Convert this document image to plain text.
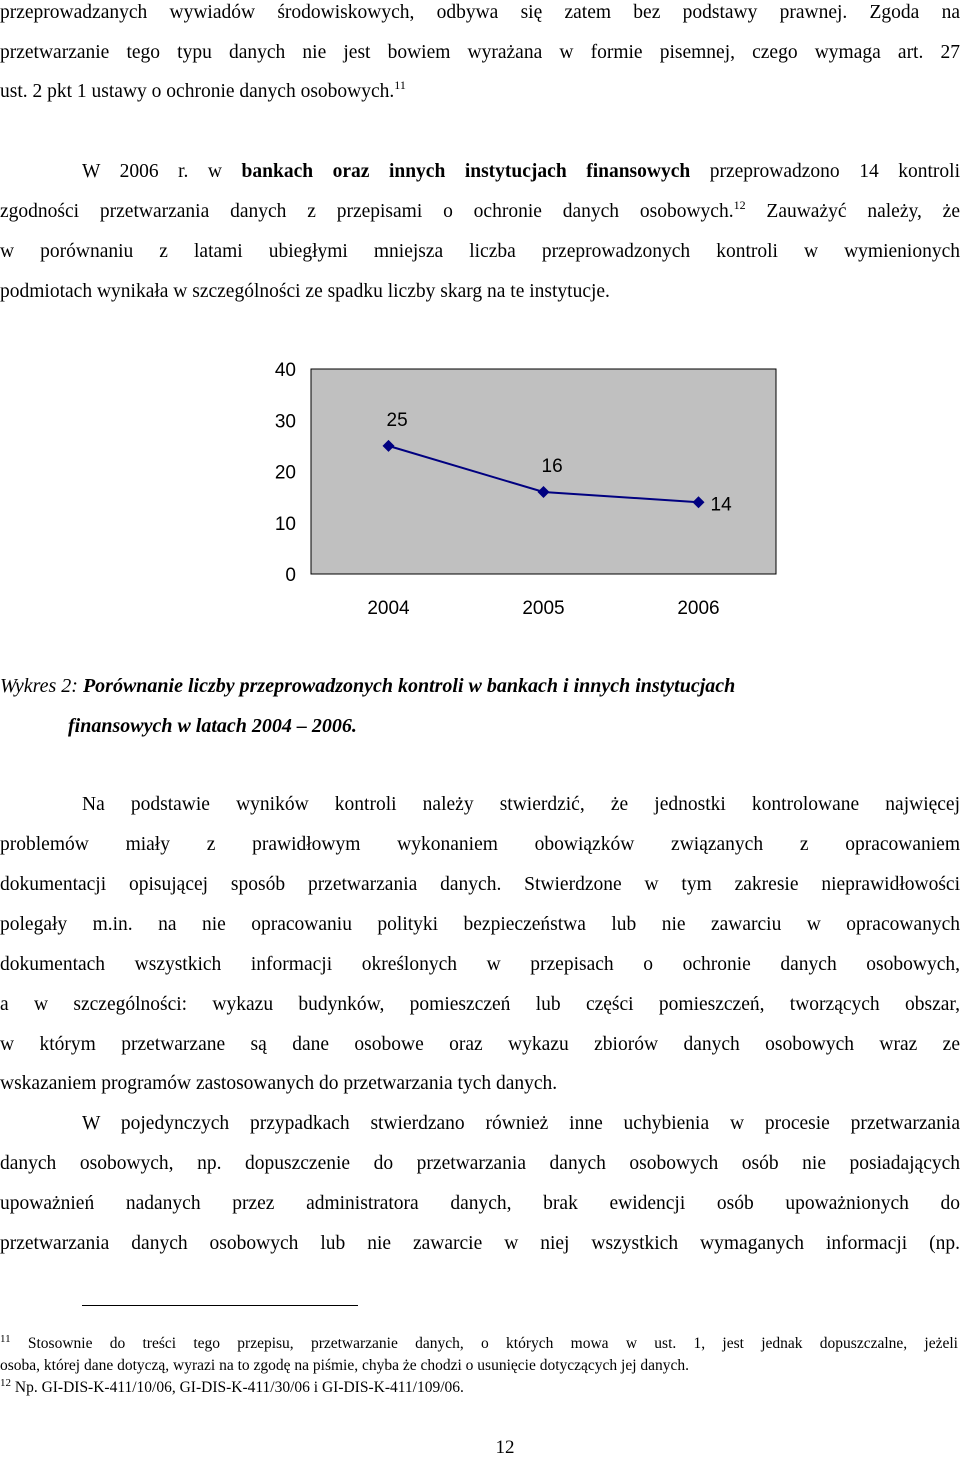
przeprowadzanych wywiadów środowiskowych, odbywa się zatem bez podstawy prawnej. Zgoda na
przetwarzanie tego typu danych nie jest bowiem wyrażana w formie pisemnej, czego wymaga art. 27
ust. 2 pkt 1 ustawy o ochronie danych osobowych.$^{11}$
W 2006 r. w bankach oraz innych instytucjach finansowych przeprowadzono 14 kontroli
zgodności przetwarzania danych z przepisami o ochronie danych osobowych.$^{12}$ Zauważyć należy, że
w porównaniu z latami ubiegłymi mniejsza liczba przeprowadzonych kontroli w wymienionych
podmiotach wynikała w szczególności ze spadku liczby skarg na te instytucje.
0
10
20
30
40
2004	2005	2006
25
16
14
Wykres 2: Porównanie liczby przeprowadzonych kontroli w bankach i innych instytucjach
finansowych w latach 2004 – 2006.
Na podstawie wyników kontroli należy stwierdzić, że jednostki kontrolowane najwięcej
problemów miały z prawidłowym wykonaniem obowiązków związanych z opracowaniem
dokumentacji opisującej sposób przetwarzania danych. Stwierdzone w tym zakresie nieprawidłowości
polegały m.in. na nie opracowaniu polityki bezpieczeństwa lub nie zawarciu w opracowanych
dokumentach wszystkich informacji określonych w przepisach o ochronie danych osobowych,
a w szczególności: wykazu budynków, pomieszczeń lub części pomieszczeń, tworzących obszar,
w którym przetwarzane są dane osobowe oraz wykazu zbiorów danych osobowych wraz ze
wskazaniem programów zastosowanych do przetwarzania tych danych.
W pojedynczych przypadkach stwierdzano również inne uchybienia w procesie przetwarzania
danych osobowych, np. dopuszczenie do przetwarzania danych osobowych osób nie posiadających
upoważnień nadanych przez administratora danych, brak ewidencji osób upoważnionych do
przetwarzania danych osobowych lub nie zawarcie w niej wszystkich wymaganych informacji (np.
$^{11}$ Stosownie do treści tego przepisu, przetwarzanie danych, o których mowa w ust. 1, jest jednak dopuszczalne, jeżeli
osoba, której dane dotyczą, wyrazi na to zgodę na piśmie, chyba że chodzi o usunięcie dotyczących jej danych.
$^{12}$ Np. GI-DIS-K-411/10/06, GI-DIS-K-411/30/06 i GI-DIS-K-411/109/06.
12
